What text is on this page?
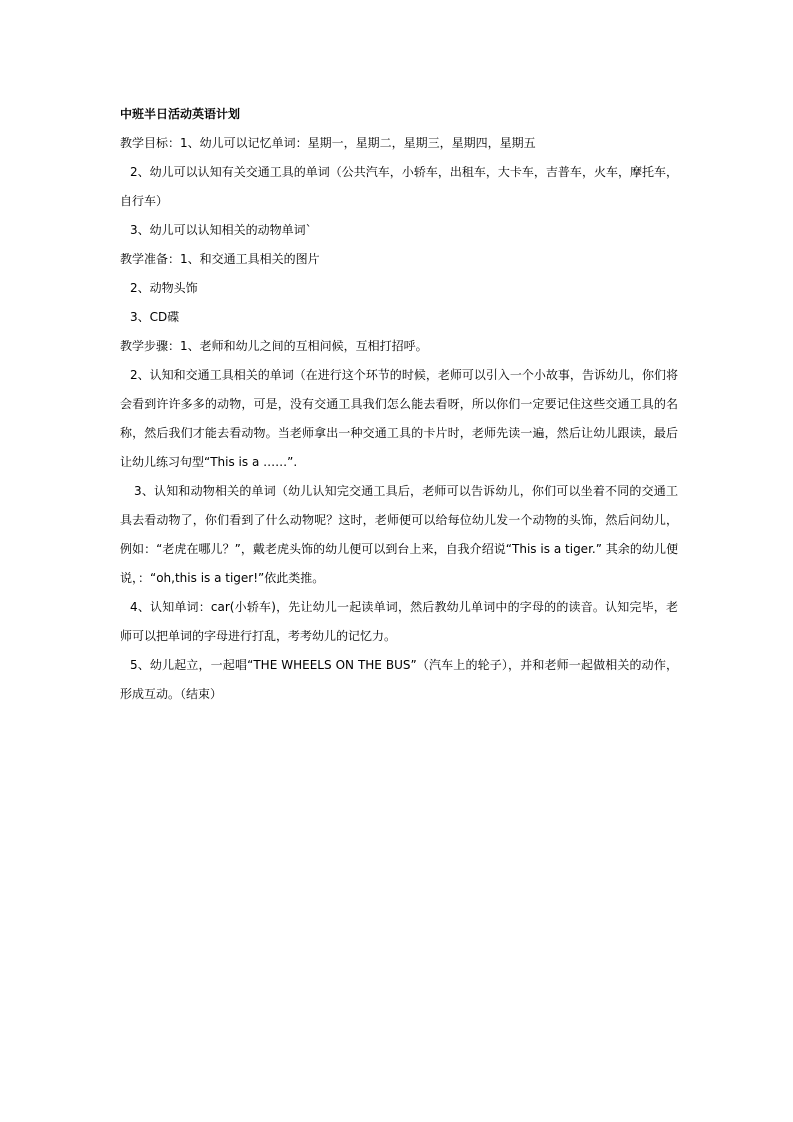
中班半日活动英语计划

教学目标：1、幼儿可以记忆单词：星期一，星期二，星期三，星期四，星期五

2、幼儿可以认知有关交通工具的单词（公共汽车，小轿车，出租车，大卡车，吉普车，火车，摩托车，自行车）

3、幼儿可以认知相关的动物单词`

教学准备：1、和交通工具相关的图片

2、动物头饰

3、CD碟

教学步骤：1、老师和幼儿之间的互相问候，互相打招呼。

2、认知和交通工具相关的单词（在进行这个环节的时候，老师可以引入一个小故事，告诉幼儿，你们将会看到许许多多的动物，可是，没有交通工具我们怎么能去看呀，所以你们一定要记住这些交通工具的名称，然后我们才能去看动物。当老师拿出一种交通工具的卡片时，老师先读一遍，然后让幼儿跟读，最后让幼儿练习句型“This is a ……”.

3、认知和动物相关的单词（幼儿认知完交通工具后，老师可以告诉幼儿，你们可以坐着不同的交通工具去看动物了，你们看到了什么动物呢？这时，老师便可以给每位幼儿发一个动物的头饰，然后问幼儿，例如：“老虎在哪儿？”，戴老虎头饰的幼儿便可以到台上来，自我介绍说“This is a tiger.” 其余的幼儿便说，：“oh,this is a tiger!”依此类推。

4、认知单词：car(小轿车)，先让幼儿一起读单词，然后教幼儿单词中的字母的的读音。认知完毕，老师可以把单词的字母进行打乱，考考幼儿的记忆力。

5、幼儿起立，一起唱“THE WHEELS ON THE BUS”（汽车上的轮子），并和老师一起做相关的动作，形成互动。（结束）
